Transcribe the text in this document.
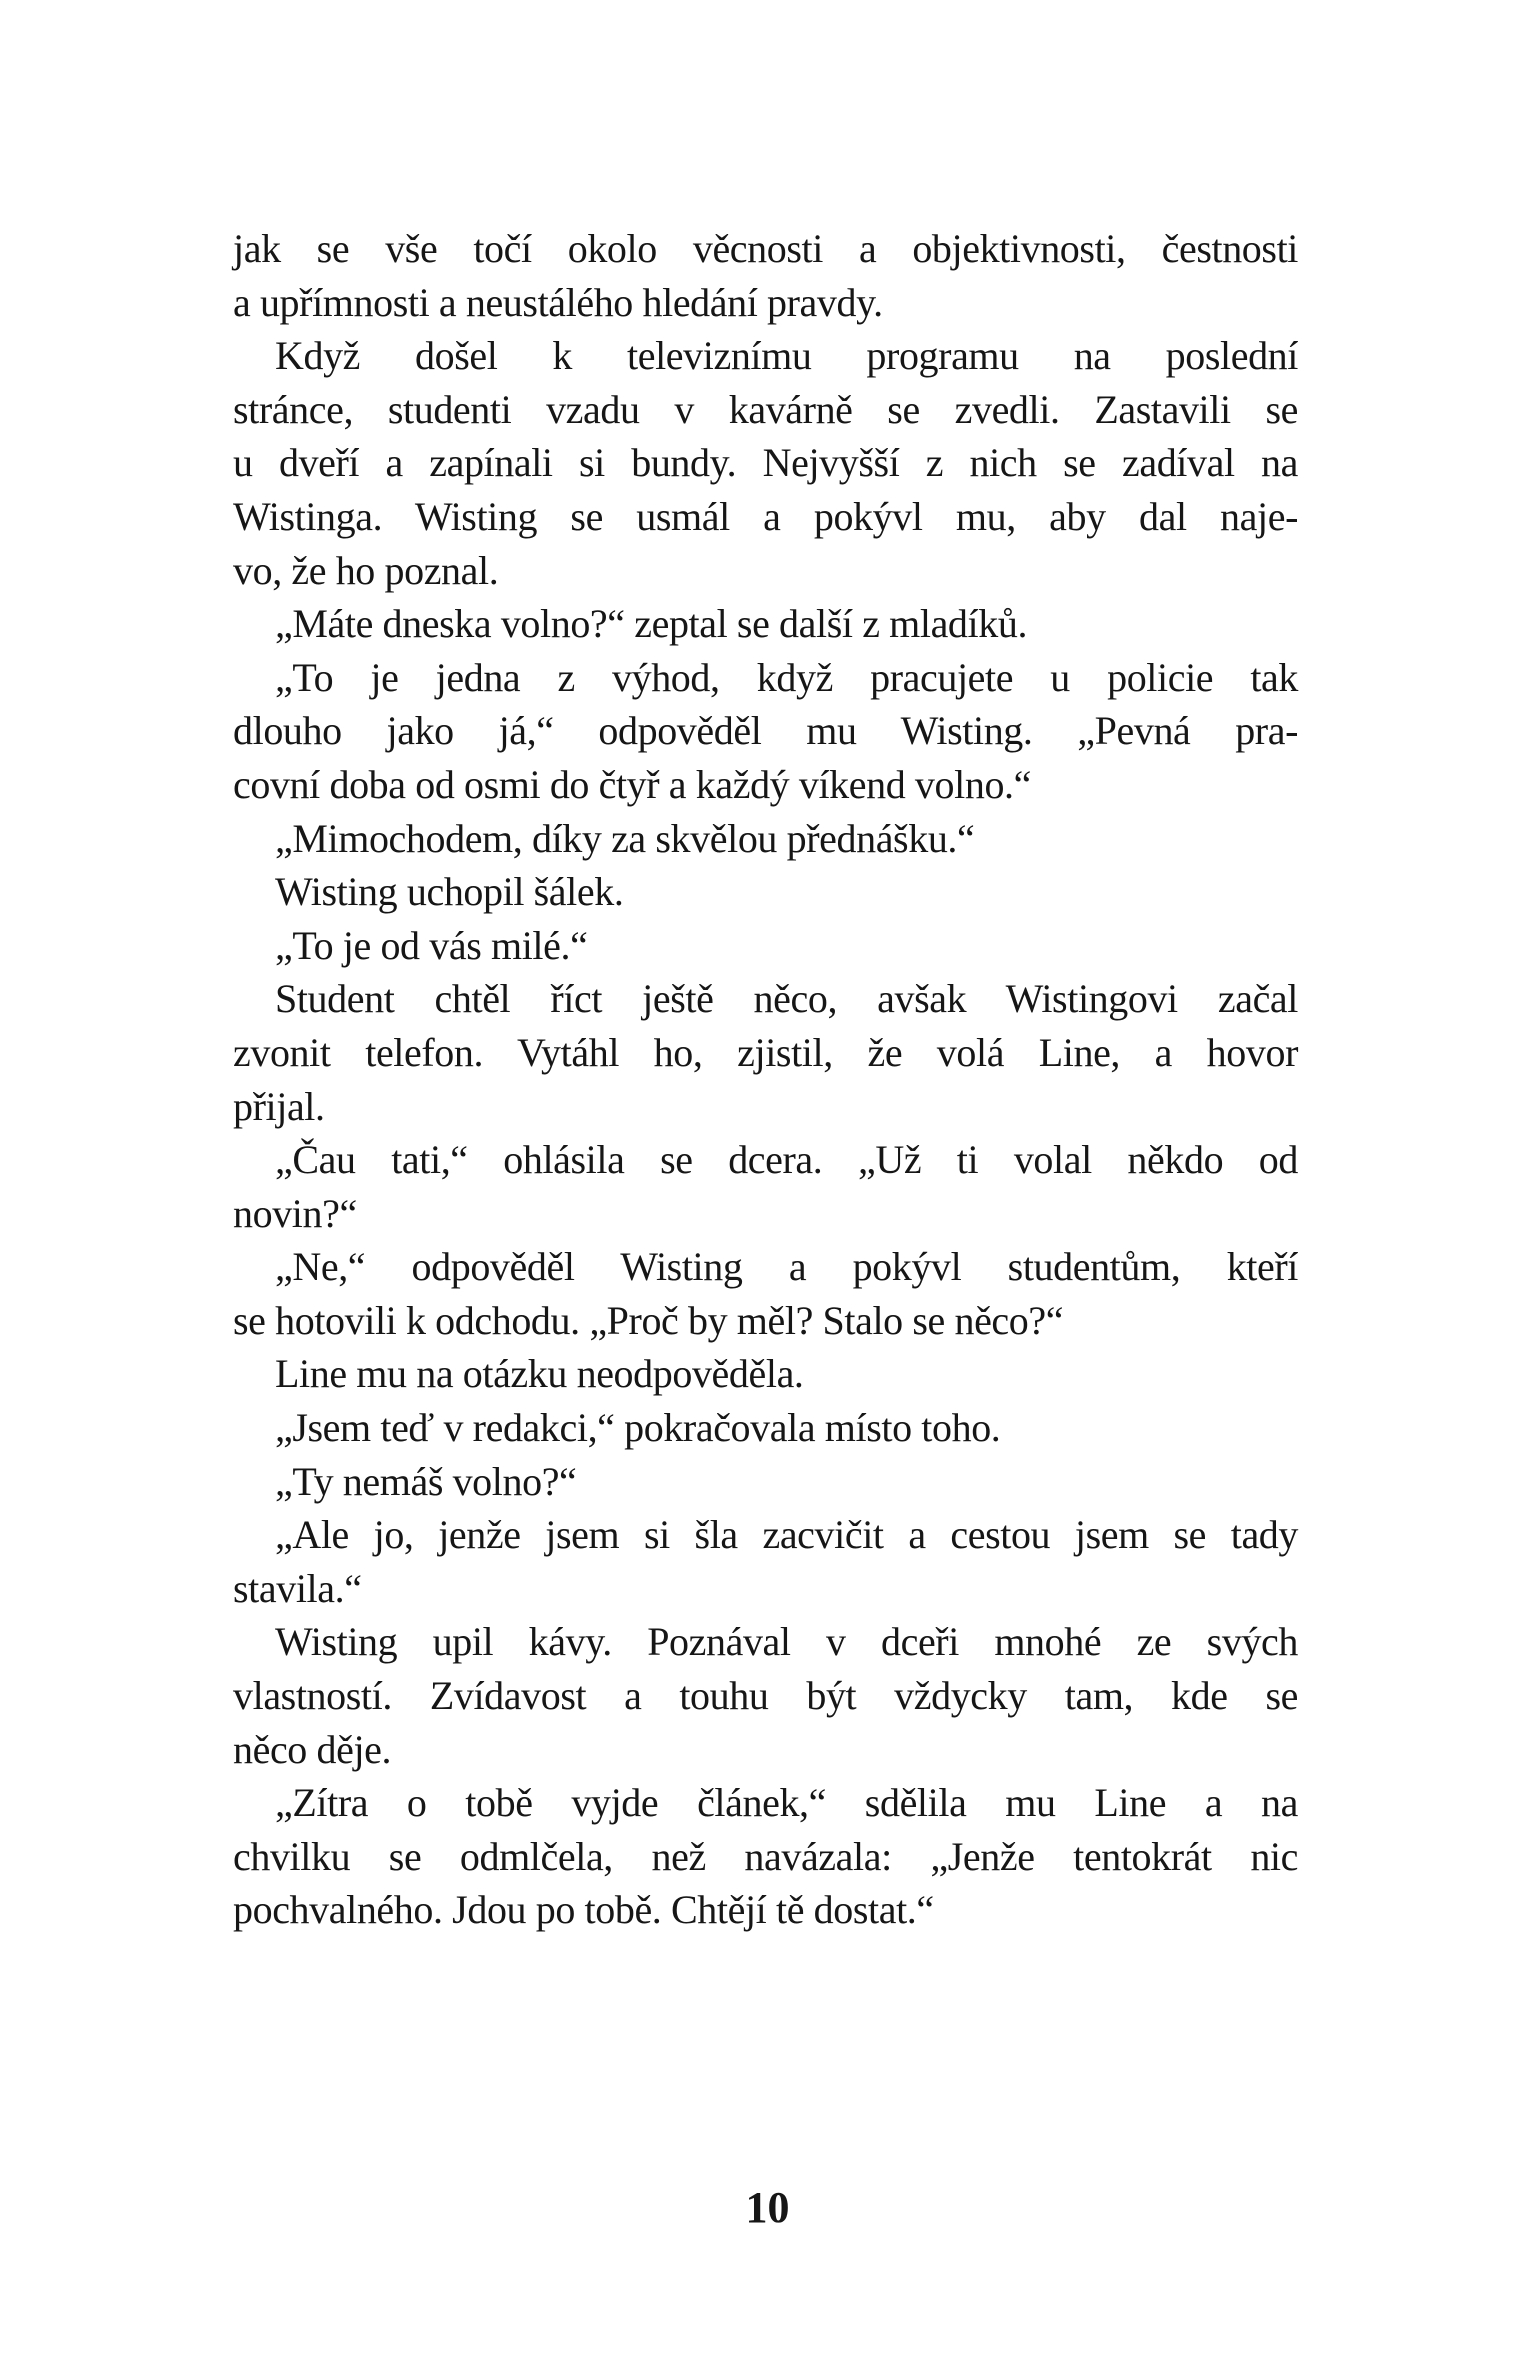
jak se vše točí okolo věcnosti a objektivnosti, čestnosti
a upřímnosti a neustálého hledání pravdy.
Když došel k televiznímu programu na poslední
stránce, studenti vzadu v kavárně se zvedli. Zastavili se
u dveří a zapínali si bundy. Nejvyšší z nich se zadíval na
Wistinga. Wisting se usmál a pokývl mu, aby dal naje-
vo, že ho poznal.
„Máte dneska volno?“ zeptal se další z mladíků.
„To je jedna z výhod, když pracujete u policie tak
dlouho jako já,“ odpověděl mu Wisting. „Pevná pra-
covní doba od osmi do čtyř a každý víkend volno.“
„Mimochodem, díky za skvělou přednášku.“
Wisting uchopil šálek.
„To je od vás milé.“
Student chtěl říct ještě něco, avšak Wistingovi začal
zvonit telefon. Vytáhl ho, zjistil, že volá Line, a hovor
přijal.
„Čau tati,“ ohlásila se dcera. „Už ti volal někdo od
novin?“
„Ne,“ odpověděl Wisting a pokývl studentům, kteří
se hotovili k odchodu. „Proč by měl? Stalo se něco?“
Line mu na otázku neodpověděla.
„Jsem teď v redakci,“ pokračovala místo toho.
„Ty nemáš volno?“
„Ale jo, jenže jsem si šla zacvičit a cestou jsem se tady
stavila.“
Wisting upil kávy. Poznával v dceři mnohé ze svých
vlastností. Zvídavost a touhu být vždycky tam, kde se
něco děje.
„Zítra o tobě vyjde článek,“ sdělila mu Line a na
chvilku se odmlčela, než navázala: „Jenže tentokrát nic
pochvalného. Jdou po tobě. Chtějí tě dostat.“
10
